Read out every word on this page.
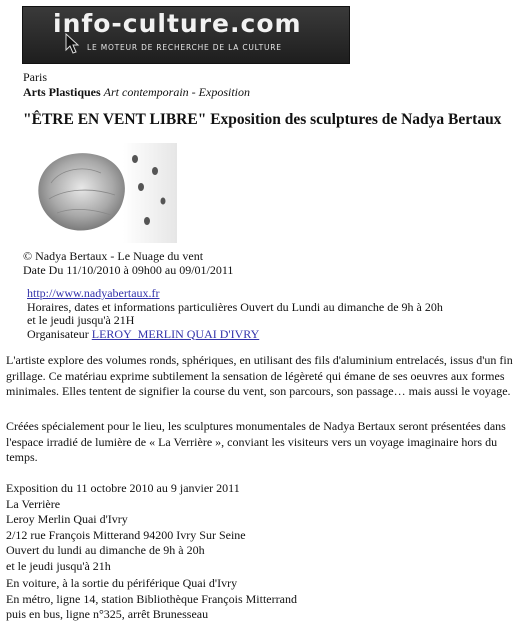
info-culture.com
LE MOTEUR DE RECHERCHE DE LA CULTURE
Paris
Arts Plastiques Art contemporain - Exposition
"ÊTRE EN VENT LIBRE" Exposition des sculptures de Nadya Bertaux
© Nadya Bertaux - Le Nuage du vent
Date Du 11/10/2010 à 09h00 au 09/01/2011
http://www.nadyabertaux.fr
Horaires, dates et informations particulières Ouvert du Lundi au dimanche de 9h à 20h
et le jeudi jusqu'à 21H
Organisateur LEROY_MERLIN QUAI D'IVRY
L'artiste explore des volumes ronds, sphériques, en utilisant des fils d'aluminium entrelacés, issus d'un fin grillage. Ce matériau exprime subtilement la sensation de légèreté qui émane de ses oeuvres aux formes minimales. Elles tentent de signifier la course du vent, son parcours, son passage… mais aussi le voyage.
Créées spécialement pour le lieu, les sculptures monumentales de Nadya Bertaux seront présentées dans l'espace irradié de lumière de « La Verrière », conviant les visiteurs vers un voyage imaginaire hors du temps.
Exposition du 11 octobre 2010 au 9 janvier 2011
La Verrière
Leroy Merlin Quai d'Ivry
2/12 rue François Mitterand 94200 Ivry Sur Seine
Ouvert du lundi au dimanche de 9h à 20h
et le jeudi jusqu'à 21h
En voiture, à la sortie du périférique Quai d'Ivry
En métro, ligne 14, station Bibliothèque François Mitterrand
puis en bus, ligne n°325, arrêt Brunesseau
